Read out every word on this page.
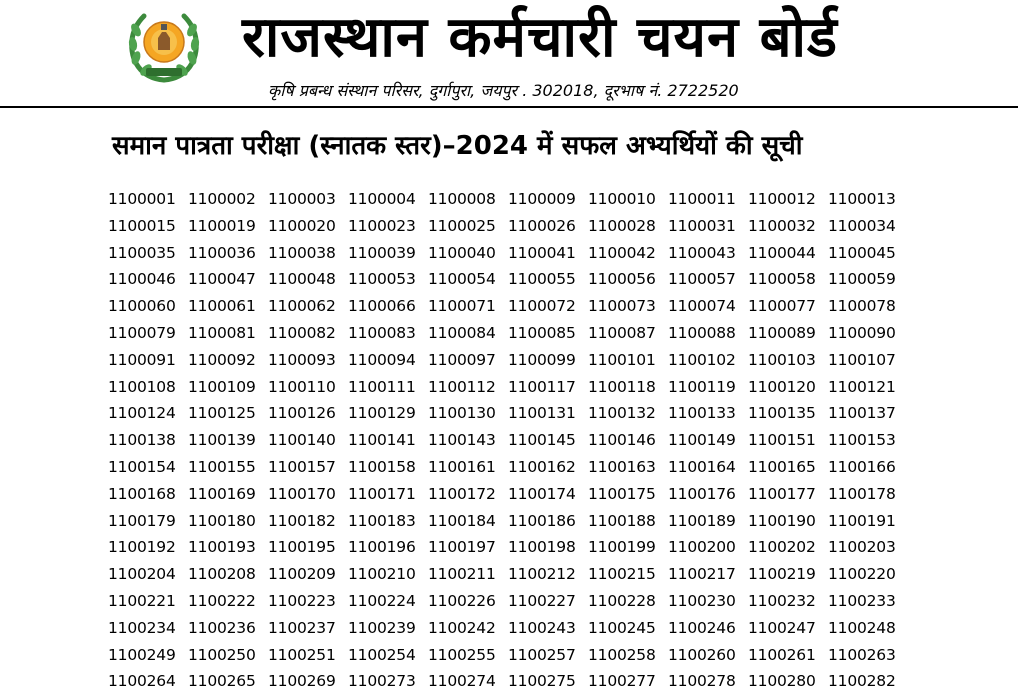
राजस्थान कर्मचारी चयन बोर्ड
कृषि प्रबन्ध संस्थान परिसर, दुर्गापुरा, जयपुर . 302018, दूरभाष नं. 2722520
समान पात्रता परीक्षा (स्नातक स्तर)–2024 में सफल अभ्यर्थियों की सूची
1100001 1100002 1100003 1100004 1100008 1100009 1100010 1100011 1100012 1100013
1100015 1100019 1100020 1100023 1100025 1100026 1100028 1100031 1100032 1100034
1100035 1100036 1100038 1100039 1100040 1100041 1100042 1100043 1100044 1100045
1100046 1100047 1100048 1100053 1100054 1100055 1100056 1100057 1100058 1100059
1100060 1100061 1100062 1100066 1100071 1100072 1100073 1100074 1100077 1100078
1100079 1100081 1100082 1100083 1100084 1100085 1100087 1100088 1100089 1100090
1100091 1100092 1100093 1100094 1100097 1100099 1100101 1100102 1100103 1100107
1100108 1100109 1100110 1100111 1100112 1100117 1100118 1100119 1100120 1100121
1100124 1100125 1100126 1100129 1100130 1100131 1100132 1100133 1100135 1100137
1100138 1100139 1100140 1100141 1100143 1100145 1100146 1100149 1100151 1100153
1100154 1100155 1100157 1100158 1100161 1100162 1100163 1100164 1100165 1100166
1100168 1100169 1100170 1100171 1100172 1100174 1100175 1100176 1100177 1100178
1100179 1100180 1100182 1100183 1100184 1100186 1100188 1100189 1100190 1100191
1100192 1100193 1100195 1100196 1100197 1100198 1100199 1100200 1100202 1100203
1100204 1100208 1100209 1100210 1100211 1100212 1100215 1100217 1100219 1100220
1100221 1100222 1100223 1100224 1100226 1100227 1100228 1100230 1100232 1100233
1100234 1100236 1100237 1100239 1100242 1100243 1100245 1100246 1100247 1100248
1100249 1100250 1100251 1100254 1100255 1100257 1100258 1100260 1100261 1100263
1100264 1100265 1100269 1100273 1100274 1100275 1100277 1100278 1100280 1100282
